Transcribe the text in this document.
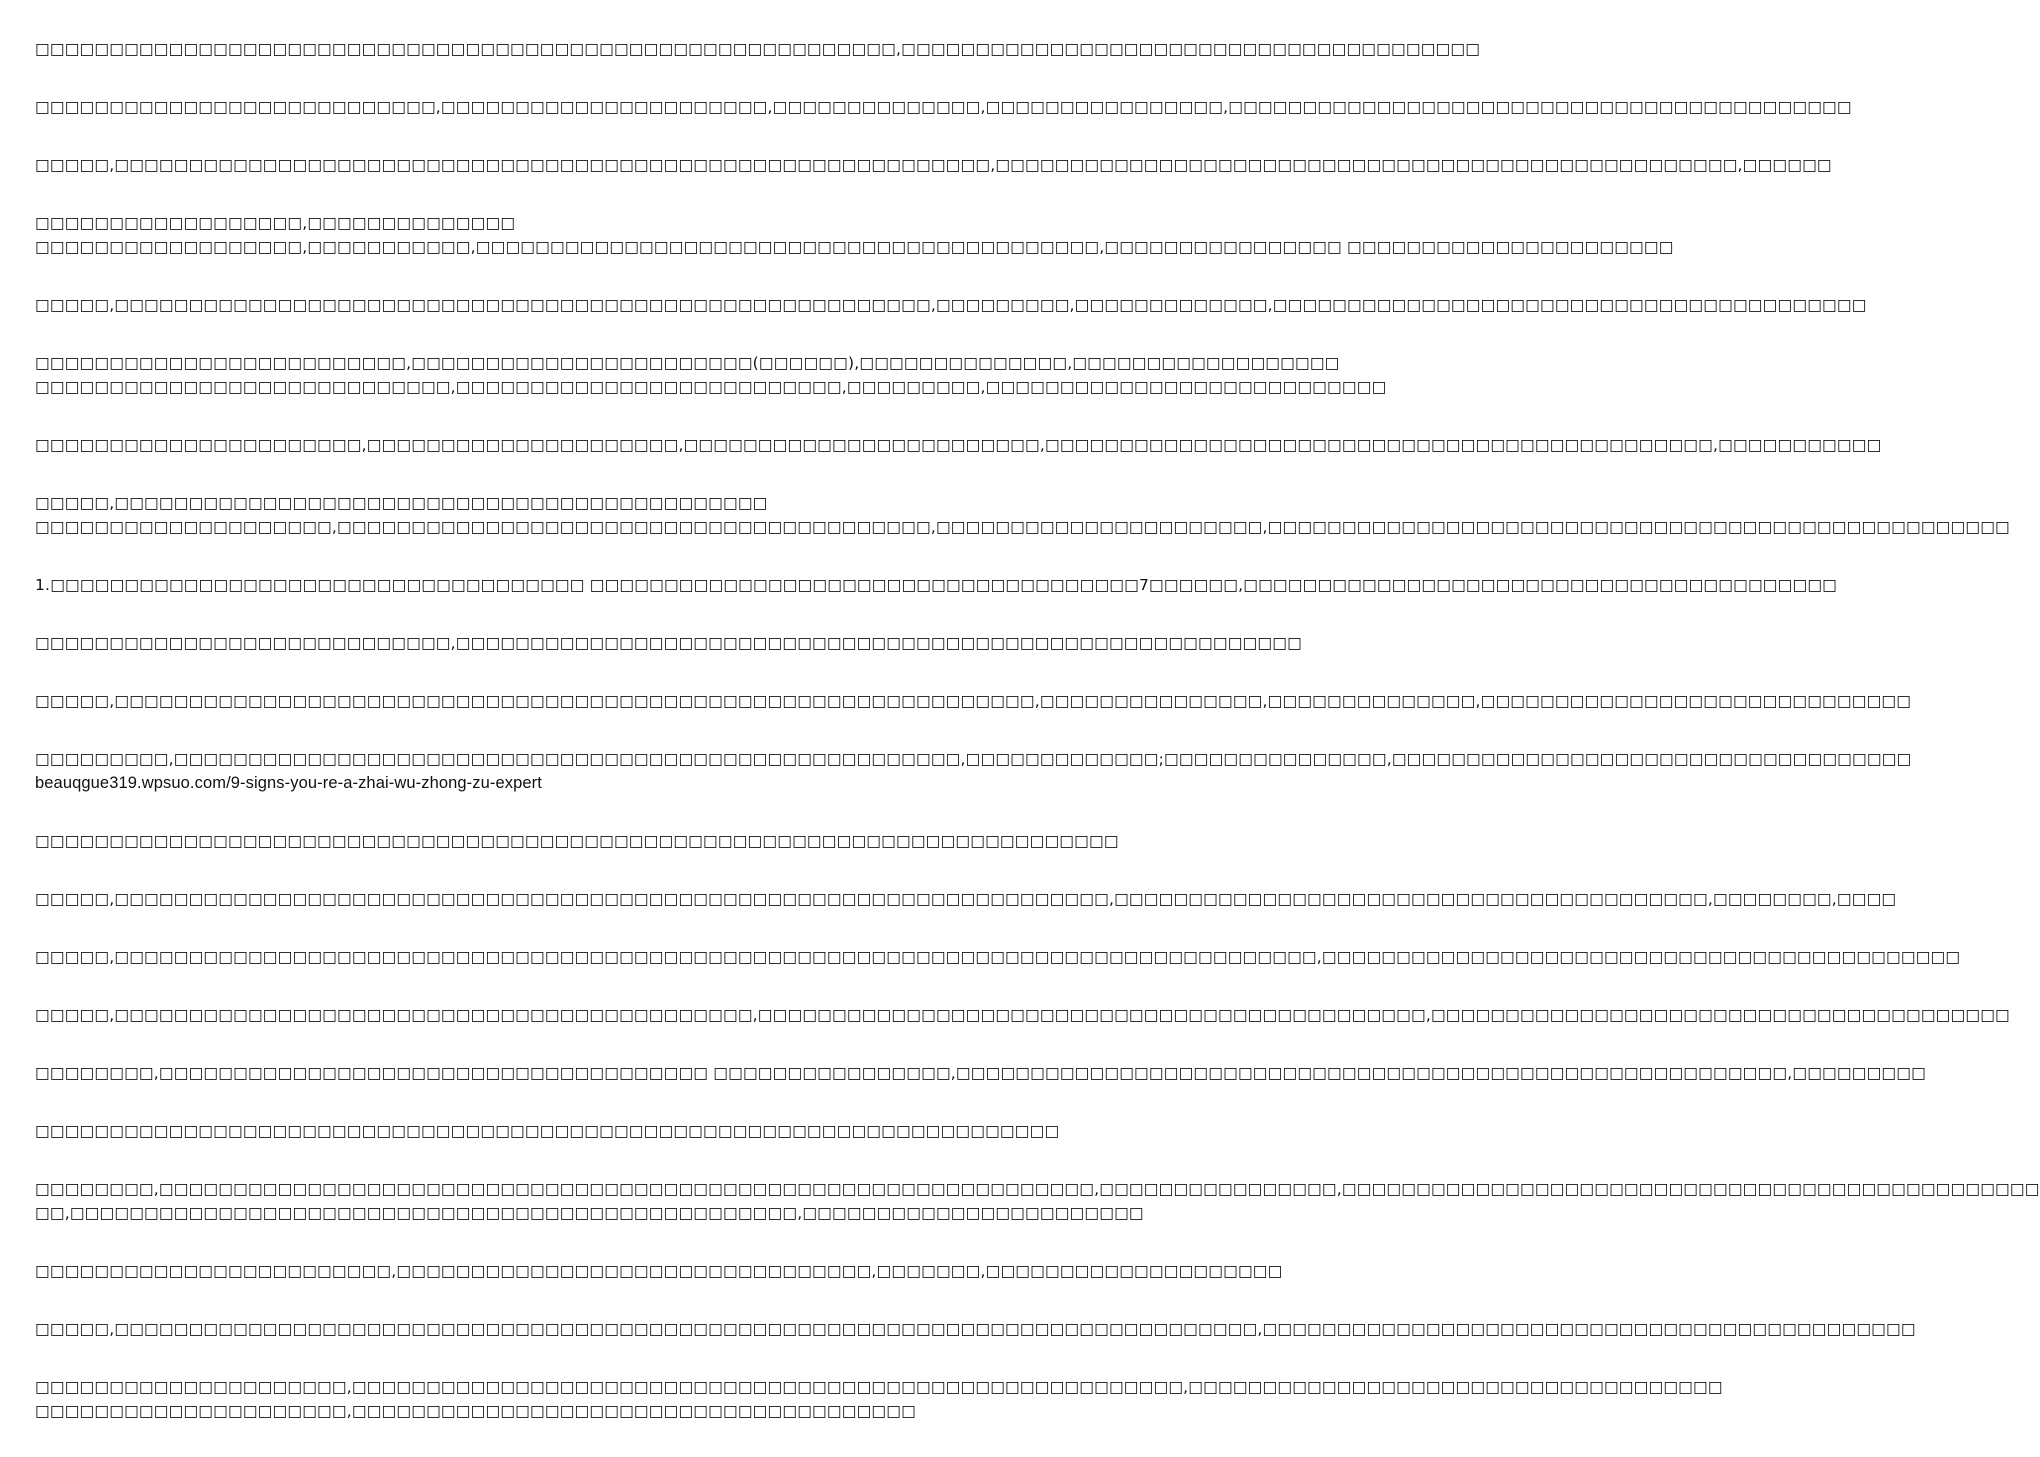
□□□□□□□□□□□□□□□□□□□□□□□□□□□□□□□□□□□□□□□□□□□□□□□□□□□□□□□□□□,□□□□□□□□□□□□□□□□□□□□□□□□□□□□□□□□□□□□□□□
□□□□□□□□□□□□□□□□□□□□□□□□□□□,□□□□□□□□□□□□□□□□□□□□□□,□□□□□□□□□□□□□□,□□□□□□□□□□□□□□□□,□□□□□□□□□□□□□□□□□□□□□□□□□□□□□□□□□□□□□□□□□□
□□□□□,□□□□□□□□□□□□□□□□□□□□□□□□□□□□□□□□□□□□□□□□□□□□□□□□□□□□□□□□□□□,□□□□□□□□□□□□□□□□□□□□□□□□□□□□□□□□□□□□□□□□□□□□□□□□□□,□□□□□□
□□□□□□□□□□□□□□□□□□,□□□□□□□□□□□□□□
□□□□□□□□□□□□□□□□□□,□□□□□□□□□□□,□□□□□□□□□□□□□□□□□□□□□□□□□□□□□□□□□□□□□□□□□□,□□□□□□□□□□□□□□□□ □□□□□□□□□□□□□□□□□□□□□□
□□□□□,□□□□□□□□□□□□□□□□□□□□□□□□□□□□□□□□□□□□□□□□□□□□□□□□□□□□□□□,□□□□□□□□□,□□□□□□□□□□□□□,□□□□□□□□□□□□□□□□□□□□□□□□□□□□□□□□□□□□□□□□
□□□□□□□□□□□□□□□□□□□□□□□□□,□□□□□□□□□□□□□□□□□□□□□□□(□□□□□□),□□□□□□□□□□□□□□,□□□□□□□□□□□□□□□□□□
□□□□□□□□□□□□□□□□□□□□□□□□□□□□,□□□□□□□□□□□□□□□□□□□□□□□□□□,□□□□□□□□□,□□□□□□□□□□□□□□□□□□□□□□□□□□□
□□□□□□□□□□□□□□□□□□□□□□,□□□□□□□□□□□□□□□□□□□□□,□□□□□□□□□□□□□□□□□□□□□□□□,□□□□□□□□□□□□□□□□□□□□□□□□□□□□□□□□□□□□□□□□□□□□□,□□□□□□□□□□□
□□□□□,□□□□□□□□□□□□□□□□□□□□□□□□□□□□□□□□□□□□□□□□□□□□
□□□□□□□□□□□□□□□□□□□□,□□□□□□□□□□□□□□□□□□□□□□□□□□□□□□□□□□□□□□□□,□□□□□□□□□□□□□□□□□□□□□□,□□□□□□□□□□□□□□□□□□□□□□□□□□□□□□□□□□□□□□□□□□□□□□□□□□
1.□□□□□□□□□□□□□□□□□□□□□□□□□□□□□□□□□□□□ □□□□□□□□□□□□□□□□□□□□□□□□□□□□□□□□□□□□□7□□□□□□,□□□□□□□□□□□□□□□□□□□□□□□□□□□□□□□□□□□□□□□□
□□□□□□□□□□□□□□□□□□□□□□□□□□□□,□□□□□□□□□□□□□□□□□□□□□□□□□□□□□□□□□□□□□□□□□□□□□□□□□□□□□□□□□
□□□□□,□□□□□□□□□□□□□□□□□□□□□□□□□□□□□□□□□□□□□□□□□□□□□□□□□□□□□□□□□□□□□□,□□□□□□□□□□□□□□□,□□□□□□□□□□□□□□,□□□□□□□□□□□□□□□□□□□□□□□□□□□□□
□□□□□□□□□,□□□□□□□□□□□□□□□□□□□□□□□□□□□□□□□□□□□□□□□□□□□□□□□□□□□□□,□□□□□□□□□□□□□;□□□□□□□□□□□□□□□,□□□□□□□□□□□□□□□□□□□□□□□□□□□□□□□□□□□
beauqgue319.wpsuo.com/9-signs-you-re-a-zhai-wu-zhong-zu-expert
□□□□□□□□□□□□□□□□□□□□□□□□□□□□□□□□□□□□□□□□□□□□□□□□□□□□□□□□□□□□□□□□□□□□□□□□□
□□□□□,□□□□□□□□□□□□□□□□□□□□□□□□□□□□□□□□□□□□□□□□□□□□□□□□□□□□□□□□□□□□□□□□□□□,□□□□□□□□□□□□□□□□□□□□□□□□□□□□□□□□□□□□□□□□,□□□□□□□□,□□□□
□□□□□,□□□□□□□□□□□□□□□□□□□□□□□□□□□□□□□□□□□□□□□□□□□□□□□□□□□□□□□□□□□□□□□□□□□□□□□□□□□□□□□□□,□□□□□□□□□□□□□□□□□□□□□□□□□□□□□□□□□□□□□□□□□□□
□□□□□,□□□□□□□□□□□□□□□□□□□□□□□□□□□□□□□□□□□□□□□□□□□,□□□□□□□□□□□□□□□□□□□□□□□□□□□□□□□□□□□□□□□□□□□□□,□□□□□□□□□□□□□□□□□□□□□□□□□□□□□□□□□□□□□□□
□□□□□□□□,□□□□□□□□□□□□□□□□□□□□□□□□□□□□□□□□□□□□□ □□□□□□□□□□□□□□□□,□□□□□□□□□□□□□□□□□□□□□□□□□□□□□□□□□□□□□□□□□□□□□□□□□□□□□□□□,□□□□□□□□□
□□□□□□□□□□□□□□□□□□□□□□□□□□□□□□□□□□□□□□□□□□□□□□□□□□□□□□□□□□□□□□□□□□□□□
□□□□□□□□,□□□□□□□□□□□□□□□□□□□□□□□□□□□□□□□□□□□□□□□□□□□□□□□□□□□□□□□□□□□□□□□,□□□□□□□□□□□□□□□□,□□□□□□□□□□□□□□□□□□□□□□□□□□□□□□□□□□□□□□□□□□□□□□□
□□,□□□□□□□□□□□□□□□□□□□□□□□□□□□□□□□□□□□□□□□□□□□□□□□□□,□□□□□□□□□□□□□□□□□□□□□□□
□□□□□□□□□□□□□□□□□□□□□□□□,□□□□□□□□□□□□□□□□□□□□□□□□□□□□□□□□,□□□□□□□,□□□□□□□□□□□□□□□□□□□□
□□□□□,□□□□□□□□□□□□□□□□□□□□□□□□□□□□□□□□□□□□□□□□□□□□□□□□□□□□□□□□□□□□□□□□□□□□□□□□□□□□□,□□□□□□□□□□□□□□□□□□□□□□□□□□□□□□□□□□□□□□□□□□□□
□□□□□□□□□□□□□□□□□□□□□,□□□□□□□□□□□□□□□□□□□□□□□□□□□□□□□□□□□□□□□□□□□□□□□□□□□□□□□□,□□□□□□□□□□□□□□□□□□□□□□□□□□□□□□□□□□□□
□□□□□□□□□□□□□□□□□□□□□,□□□□□□□□□□□□□□□□□□□□□□□□□□□□□□□□□□□□□□
